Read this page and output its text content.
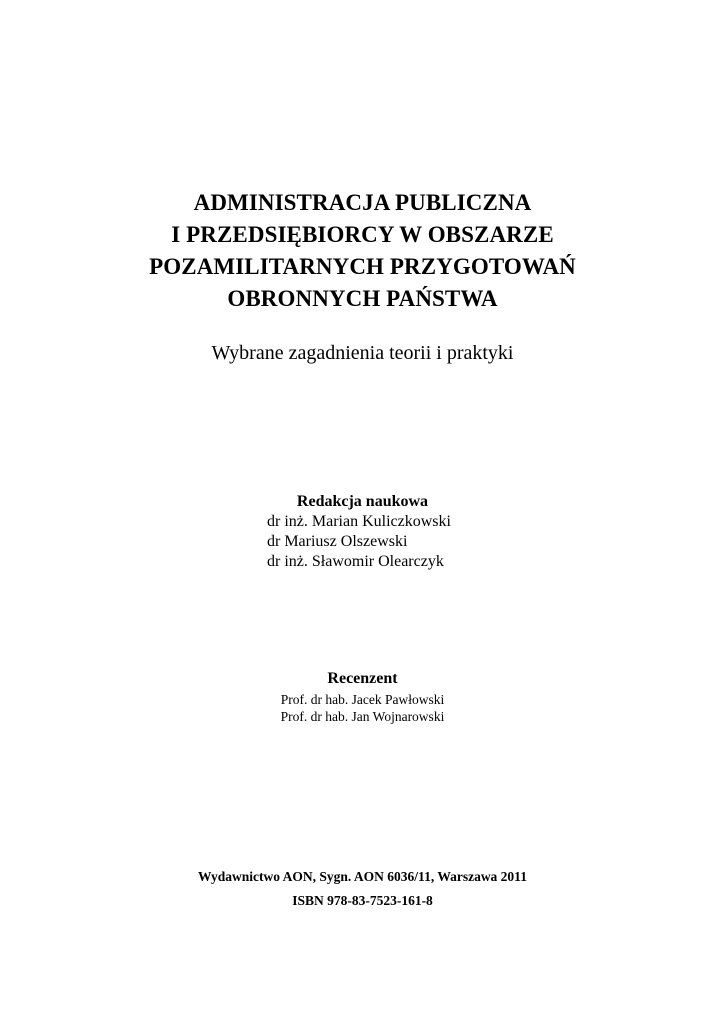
ADMINISTRACJA PUBLICZNA
I PRZEDSIĘBIORCY W OBSZARZE
POZAMILITARNYCH PRZYGOTOWAŃ
OBRONNYCH PAŃSTWA
Wybrane zagadnienia teorii i praktyki
Redakcja naukowa
dr inż. Marian Kuliczkowski
dr Mariusz Olszewski
dr inż. Sławomir Olearczyk
Recenzent
Prof. dr hab. Jacek Pawłowski
Prof. dr hab. Jan Wojnarowski
Wydawnictwo AON, Sygn. AON 6036/11, Warszawa 2011
ISBN 978-83-7523-161-8
